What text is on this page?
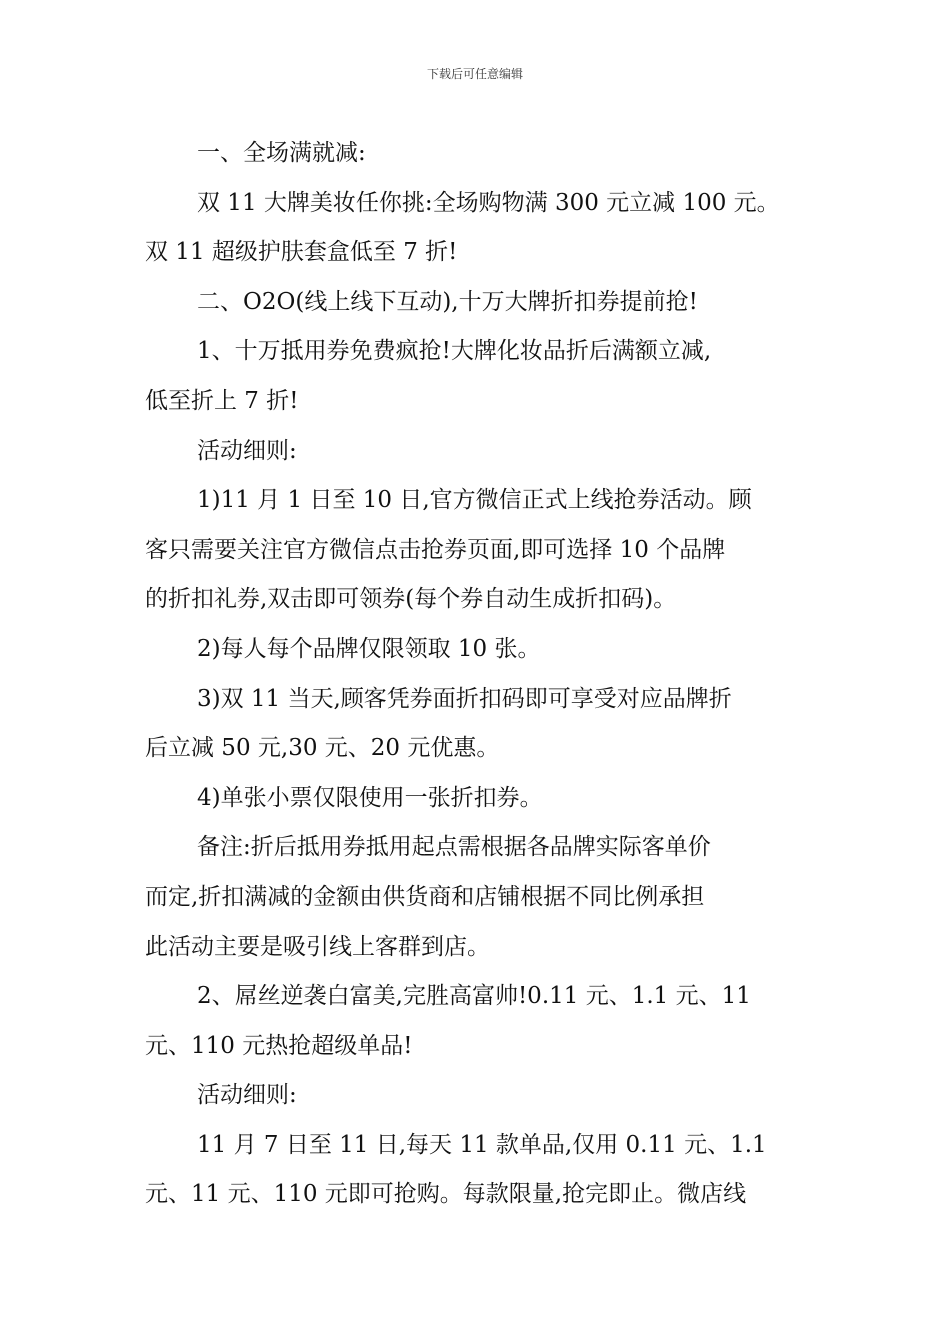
下载后可任意编辑

一、全场满就减:

双 11 大牌美妆任你挑:全场购物满 300 元立减 100 元。

双 11 超级护肤套盒低至 7 折!

二、O2O(线上线下互动),十万大牌折扣券提前抢!

1、十万抵用券免费疯抢!大牌化妆品折后满额立减,

低至折上 7 折!

活动细则:

1)11 月 1 日至 10 日,官方微信正式上线抢券活动。顾

客只需要关注官方微信点击抢券页面,即可选择 10 个品牌

的折扣礼券,双击即可领券(每个券自动生成折扣码)。

2)每人每个品牌仅限领取 10 张。

3)双 11 当天,顾客凭券面折扣码即可享受对应品牌折

后立减 50 元,30 元、20 元优惠。

4)单张小票仅限使用一张折扣券。

备注:折后抵用券抵用起点需根据各品牌实际客单价

而定,折扣满减的金额由供货商和店铺根据不同比例承担

此活动主要是吸引线上客群到店。

2、屌丝逆袭白富美,完胜高富帅!0.11 元、1.1 元、11

元、110 元热抢超级单品!

活动细则:

11 月 7 日至 11 日,每天 11 款单品,仅用 0.11 元、1.1

元、11 元、110 元即可抢购。每款限量,抢完即止。微店线
